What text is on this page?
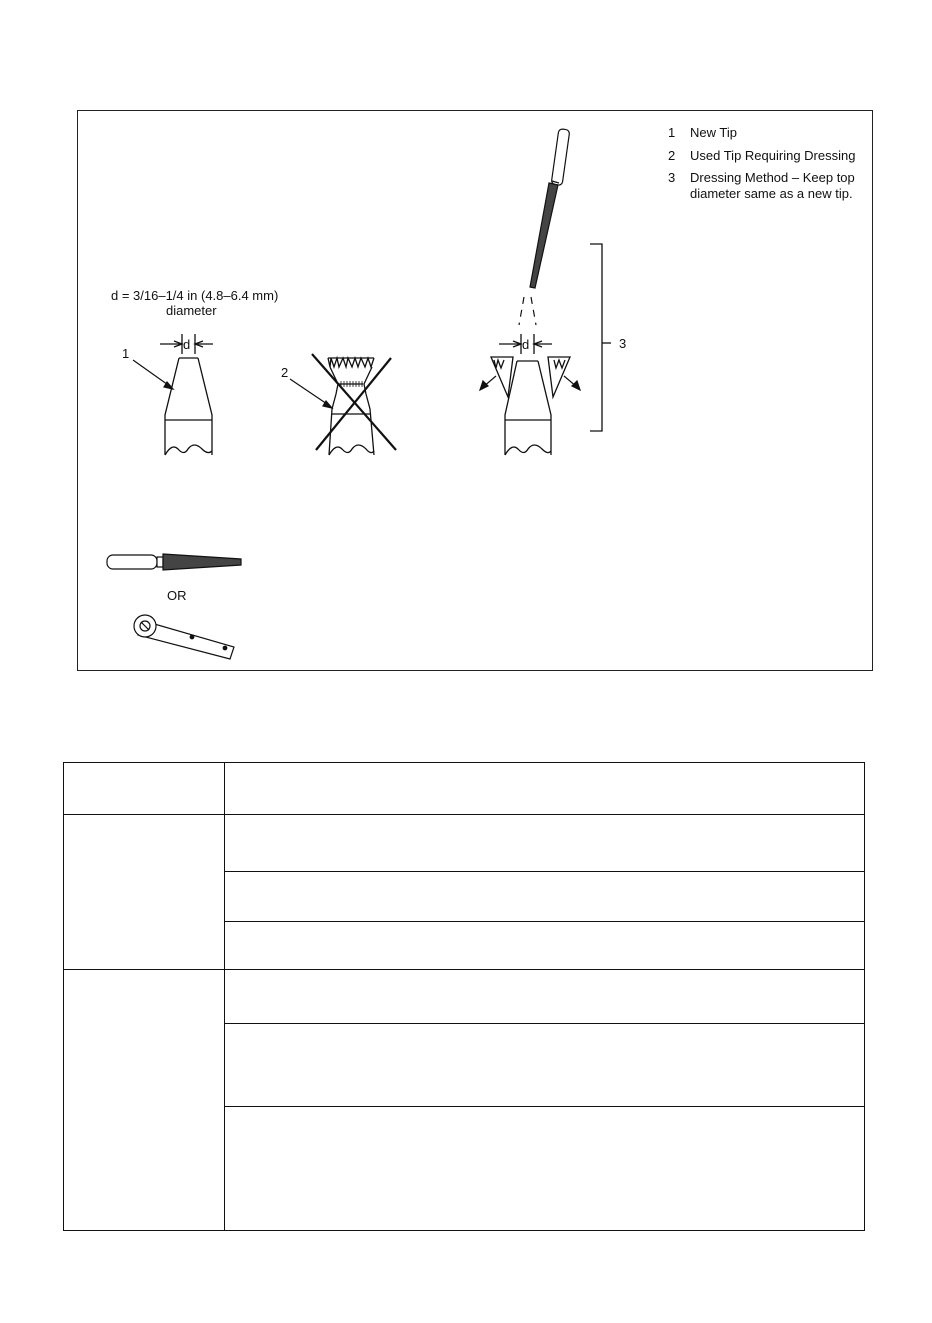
1 New Tip
2 Used Tip Requiring Dressing
3 Dressing Method – Keep top
diameter same as a new tip.
d = 3/16–1/4 in (4.8–6.4 mm)
diameter
d
1
2
d	3
OR
